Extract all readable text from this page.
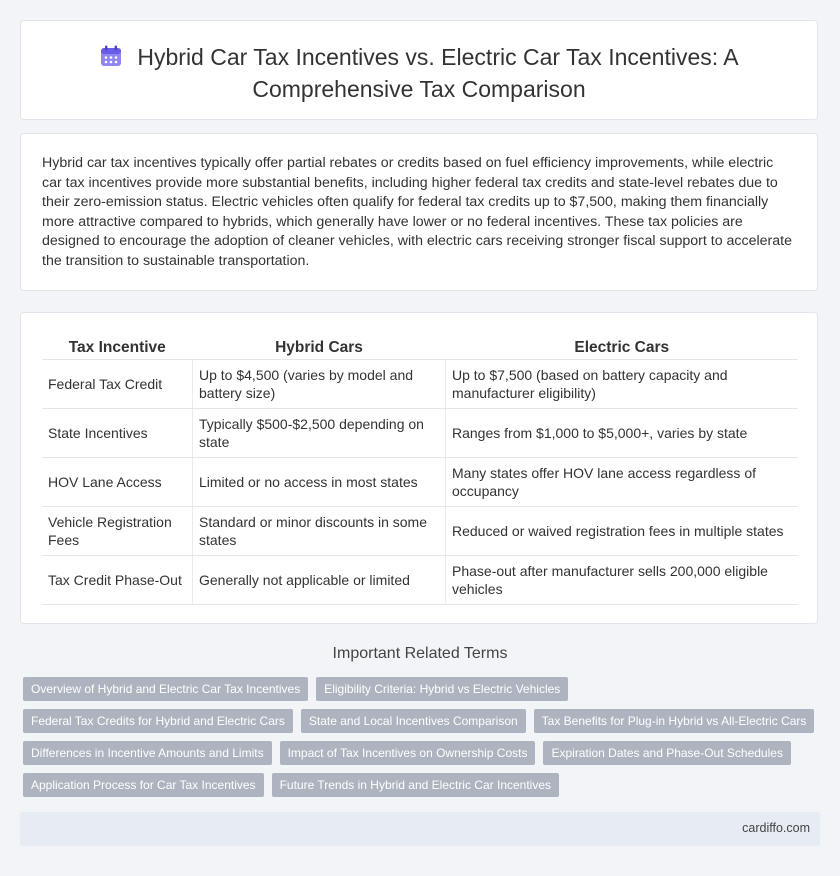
Hybrid Car Tax Incentives vs. Electric Car Tax Incentives: A Comprehensive Tax Comparison
Hybrid car tax incentives typically offer partial rebates or credits based on fuel efficiency improvements, while electric car tax incentives provide more substantial benefits, including higher federal tax credits and state-level rebates due to their zero-emission status. Electric vehicles often qualify for federal tax credits up to $7,500, making them financially more attractive compared to hybrids, which generally have lower or no federal incentives. These tax policies are designed to encourage the adoption of cleaner vehicles, with electric cars receiving stronger fiscal support to accelerate the transition to sustainable transportation.
Tax Incentive	Hybrid Cars	Electric Cars
Federal Tax Credit	Up to $4,500 (varies by model and battery size)	Up to $7,500 (based on battery capacity and manufacturer eligibility)
State Incentives	Typically $500-$2,500 depending on state	Ranges from $1,000 to $5,000+, varies by state
HOV Lane Access	Limited or no access in most states	Many states offer HOV lane access regardless of occupancy
Vehicle Registration Fees	Standard or minor discounts in some states	Reduced or waived registration fees in multiple states
Tax Credit Phase-Out	Generally not applicable or limited	Phase-out after manufacturer sells 200,000 eligible vehicles
Important Related Terms
Overview of Hybrid and Electric Car Tax Incentives	Eligibility Criteria: Hybrid vs Electric Vehicles
Federal Tax Credits for Hybrid and Electric Cars	State and Local Incentives Comparison	Tax Benefits for Plug-in Hybrid vs All-Electric Cars
Differences in Incentive Amounts and Limits	Impact of Tax Incentives on Ownership Costs	Expiration Dates and Phase-Out Schedules
Application Process for Car Tax Incentives	Future Trends in Hybrid and Electric Car Incentives
cardiffo.com
